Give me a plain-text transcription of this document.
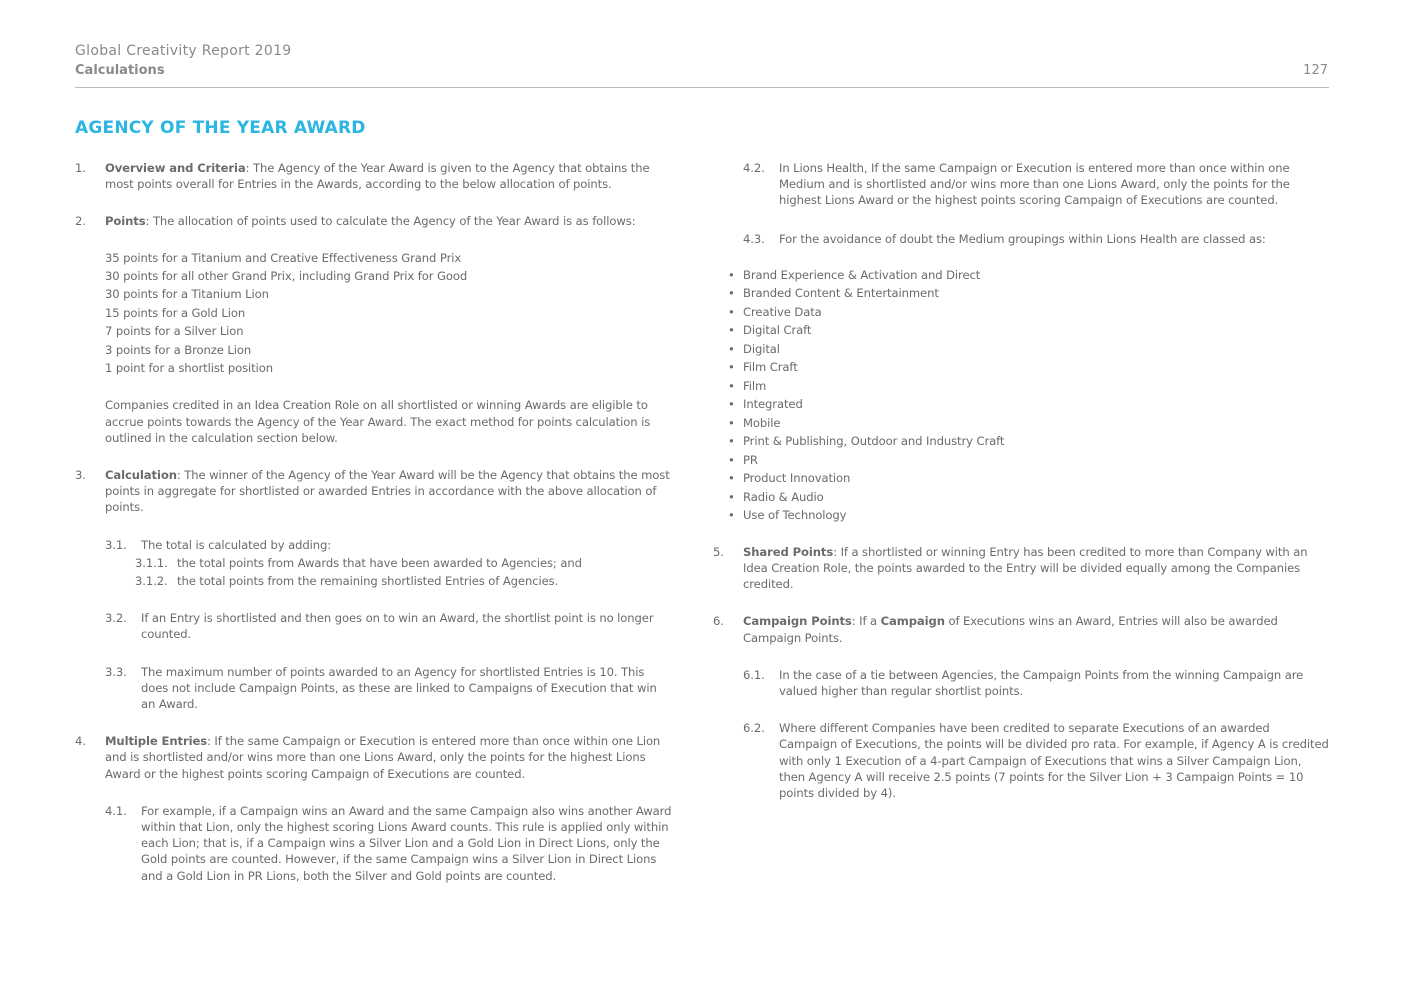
Global Creativity Report 2019
Calculations	127
AGENCY OF THE YEAR AWARD
1. Overview and Criteria: The Agency of the Year Award is given to the Agency that obtains the most points overall for Entries in the Awards, according to the below allocation of points.
2. Points: The allocation of points used to calculate the Agency of the Year Award is as follows:
35 points for a Titanium and Creative Effectiveness Grand Prix
30 points for all other Grand Prix, including Grand Prix for Good
30 points for a Titanium Lion
15 points for a Gold Lion
7 points for a Silver Lion
3 points for a Bronze Lion
1 point for a shortlist position
Companies credited in an Idea Creation Role on all shortlisted or winning Awards are eligible to accrue points towards the Agency of the Year Award. The exact method for points calculation is outlined in the calculation section below.
3. Calculation: The winner of the Agency of the Year Award will be the Agency that obtains the most points in aggregate for shortlisted or awarded Entries in accordance with the above allocation of points.
3.1. The total is calculated by adding:
3.1.1. the total points from Awards that have been awarded to Agencies; and
3.1.2. the total points from the remaining shortlisted Entries of Agencies.
3.2. If an Entry is shortlisted and then goes on to win an Award, the shortlist point is no longer counted.
3.3. The maximum number of points awarded to an Agency for shortlisted Entries is 10. This does not include Campaign Points, as these are linked to Campaigns of Execution that win an Award.
4. Multiple Entries: If the same Campaign or Execution is entered more than once within one Lion and is shortlisted and/or wins more than one Lions Award, only the points for the highest Lions Award or the highest points scoring Campaign of Executions are counted.
4.1. For example, if a Campaign wins an Award and the same Campaign also wins another Award within that Lion, only the highest scoring Lions Award counts. This rule is applied only within each Lion; that is, if a Campaign wins a Silver Lion and a Gold Lion in Direct Lions, only the Gold points are counted. However, if the same Campaign wins a Silver Lion in Direct Lions and a Gold Lion in PR Lions, both the Silver and Gold points are counted.
4.2. In Lions Health, If the same Campaign or Execution is entered more than once within one Medium and is shortlisted and/or wins more than one Lions Award, only the points for the highest Lions Award or the highest points scoring Campaign of Executions are counted.
4.3. For the avoidance of doubt the Medium groupings within Lions Health are classed as:
• Brand Experience & Activation and Direct
• Branded Content & Entertainment
• Creative Data
• Digital Craft
• Digital
• Film Craft
• Film
• Integrated
• Mobile
• Print & Publishing, Outdoor and Industry Craft
• PR
• Product Innovation
• Radio & Audio
• Use of Technology
5. Shared Points: If a shortlisted or winning Entry has been credited to more than Company with an Idea Creation Role, the points awarded to the Entry will be divided equally among the Companies credited.
6. Campaign Points: If a Campaign of Executions wins an Award, Entries will also be awarded Campaign Points.
6.1. In the case of a tie between Agencies, the Campaign Points from the winning Campaign are valued higher than regular shortlist points.
6.2. Where different Companies have been credited to separate Executions of an awarded Campaign of Executions, the points will be divided pro rata. For example, if Agency A is credited with only 1 Execution of a 4-part Campaign of Executions that wins a Silver Campaign Lion, then Agency A will receive 2.5 points (7 points for the Silver Lion + 3 Campaign Points = 10 points divided by 4).
